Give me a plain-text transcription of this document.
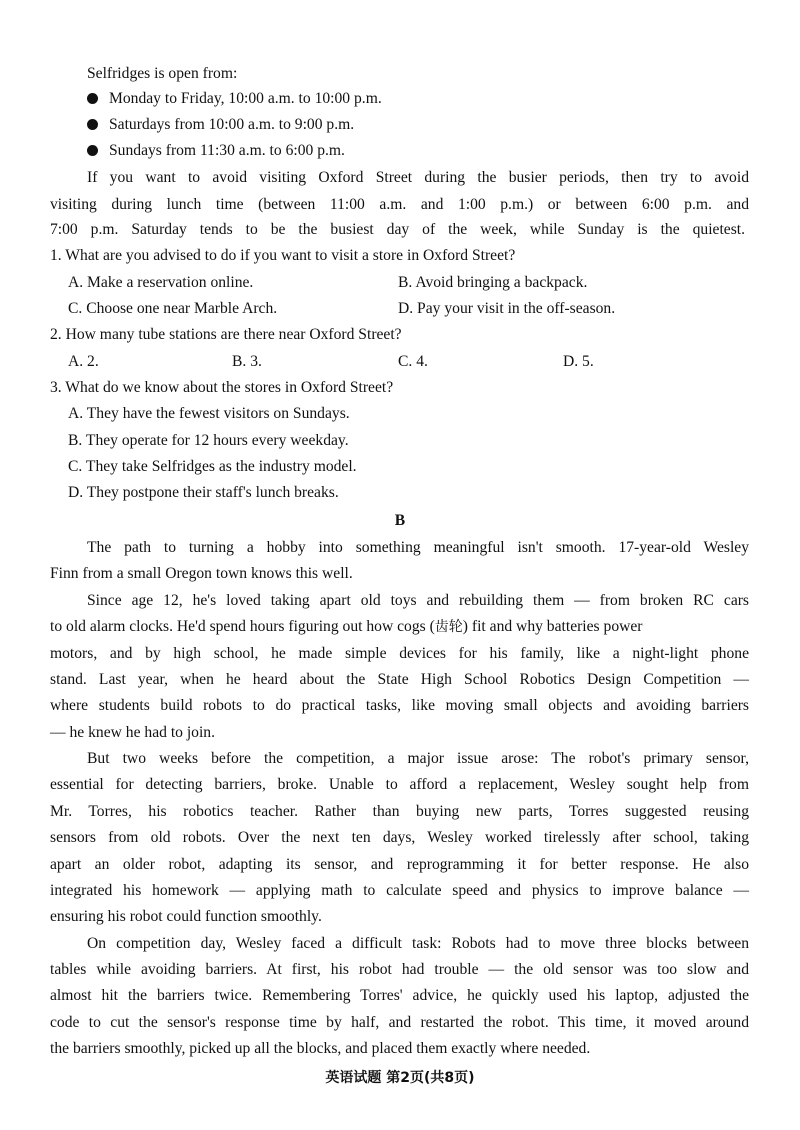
Selfridges is open from:
Monday to Friday, 10:00 a.m. to 10:00 p.m.
Saturdays from 10:00 a.m. to 9:00 p.m.
Sundays from 11:30 a.m. to 6:00 p.m.
If you want to avoid visiting Oxford Street during the busier periods, then try to avoid
visiting during lunch time (between 11:00 a.m. and 1:00 p.m.) or between 6:00 p.m. and
7:00 p.m. Saturday tends to be the busiest day of the week, while Sunday is the quietest.
1. What are you advised to do if you want to visit a store in Oxford Street?
A. Make a reservation online.	B. Avoid bringing a backpack.
C. Choose one near Marble Arch.	D. Pay your visit in the off-season.
2. How many tube stations are there near Oxford Street?
A. 2.	B. 3.	C. 4.	D. 5.
3. What do we know about the stores in Oxford Street?
A. They have the fewest visitors on Sundays.
B. They operate for 12 hours every weekday.
C. They take Selfridges as the industry model.
D. They postpone their staff's lunch breaks.
B
The path to turning a hobby into something meaningful isn't smooth. 17-year-old Wesley
Finn from a small Oregon town knows this well.
Since age 12, he's loved taking apart old toys and rebuilding them — from broken RC cars
to old alarm clocks. He'd spend hours figuring out how cogs (齿轮) fit and why batteries power
motors, and by high school, he made simple devices for his family, like a night-light phone
stand. Last year, when he heard about the State High School Robotics Design Competition —
where students build robots to do practical tasks, like moving small objects and avoiding barriers
— he knew he had to join.
But two weeks before the competition, a major issue arose: The robot's primary sensor,
essential for detecting barriers, broke. Unable to afford a replacement, Wesley sought help from
Mr. Torres, his robotics teacher. Rather than buying new parts, Torres suggested reusing
sensors from old robots. Over the next ten days, Wesley worked tirelessly after school, taking
apart an older robot, adapting its sensor, and reprogramming it for better response. He also
integrated his homework — applying math to calculate speed and physics to improve balance —
ensuring his robot could function smoothly.
On competition day, Wesley faced a difficult task: Robots had to move three blocks between
tables while avoiding barriers. At first, his robot had trouble — the old sensor was too slow and
almost hit the barriers twice. Remembering Torres' advice, he quickly used his laptop, adjusted the
code to cut the sensor's response time by half, and restarted the robot. This time, it moved around
the barriers smoothly, picked up all the blocks, and placed them exactly where needed.
英语试题 第2页(共8页)
